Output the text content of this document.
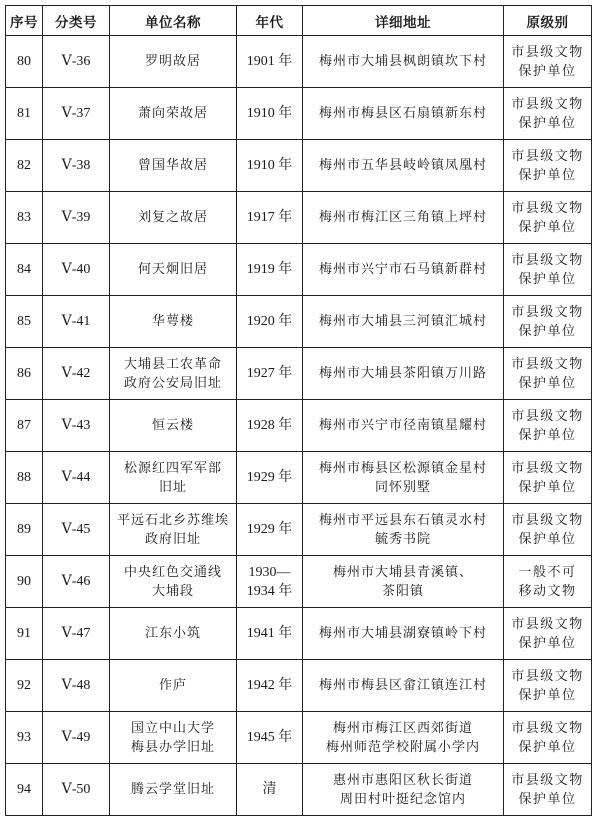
序号	分类号	单位名称	年代	详细地址	原级别
80	Ⅴ-36	罗明故居	1901 年	梅州市大埔县枫朗镇坎下村	市县级文物
保护单位
81	Ⅴ-37	萧向荣故居	1910 年	梅州市梅县区石扇镇新东村	市县级文物
保护单位
82	Ⅴ-38	曾国华故居	1910 年	梅州市五华县岐岭镇凤凰村	市县级文物
保护单位
83	Ⅴ-39	刘复之故居	1917 年	梅州市梅江区三角镇上坪村	市县级文物
保护单位
84	Ⅴ-40	何天炯旧居	1919 年	梅州市兴宁市石马镇新群村	市县级文物
保护单位
85	Ⅴ-41	华萼楼	1920 年	梅州市大埔县三河镇汇城村	市县级文物
保护单位
86	Ⅴ-42	大埔县工农革命
政府公安局旧址	1927 年	梅州市大埔县茶阳镇万川路	市县级文物
保护单位
87	Ⅴ-43	恒云楼	1928 年	梅州市兴宁市径南镇星耀村	市县级文物
保护单位
88	Ⅴ-44	松源红四军军部
旧址	1929 年	梅州市梅县区松源镇金星村
同怀别墅	市县级文物
保护单位
89	Ⅴ-45	平远石北乡苏维埃
政府旧址	1929 年	梅州市平远县东石镇灵水村
毓秀书院	市县级文物
保护单位
90	Ⅴ-46	中央红色交通线
大埔段	1930—
1934 年	梅州市大埔县青溪镇、
茶阳镇	一般不可
移动文物
91	Ⅴ-47	江东小筑	1941 年	梅州市大埔县湖寮镇岭下村	市县级文物
保护单位
92	Ⅴ-48	作庐	1942 年	梅州市梅县区畲江镇连江村	市县级文物
保护单位
93	Ⅴ-49	国立中山大学
梅县办学旧址	1945 年	梅州市梅江区西郊街道
梅州师范学校附属小学内	市县级文物
保护单位
94	Ⅴ-50	腾云学堂旧址	清	惠州市惠阳区秋长街道
周田村叶挺纪念馆内	市县级文物
保护单位
